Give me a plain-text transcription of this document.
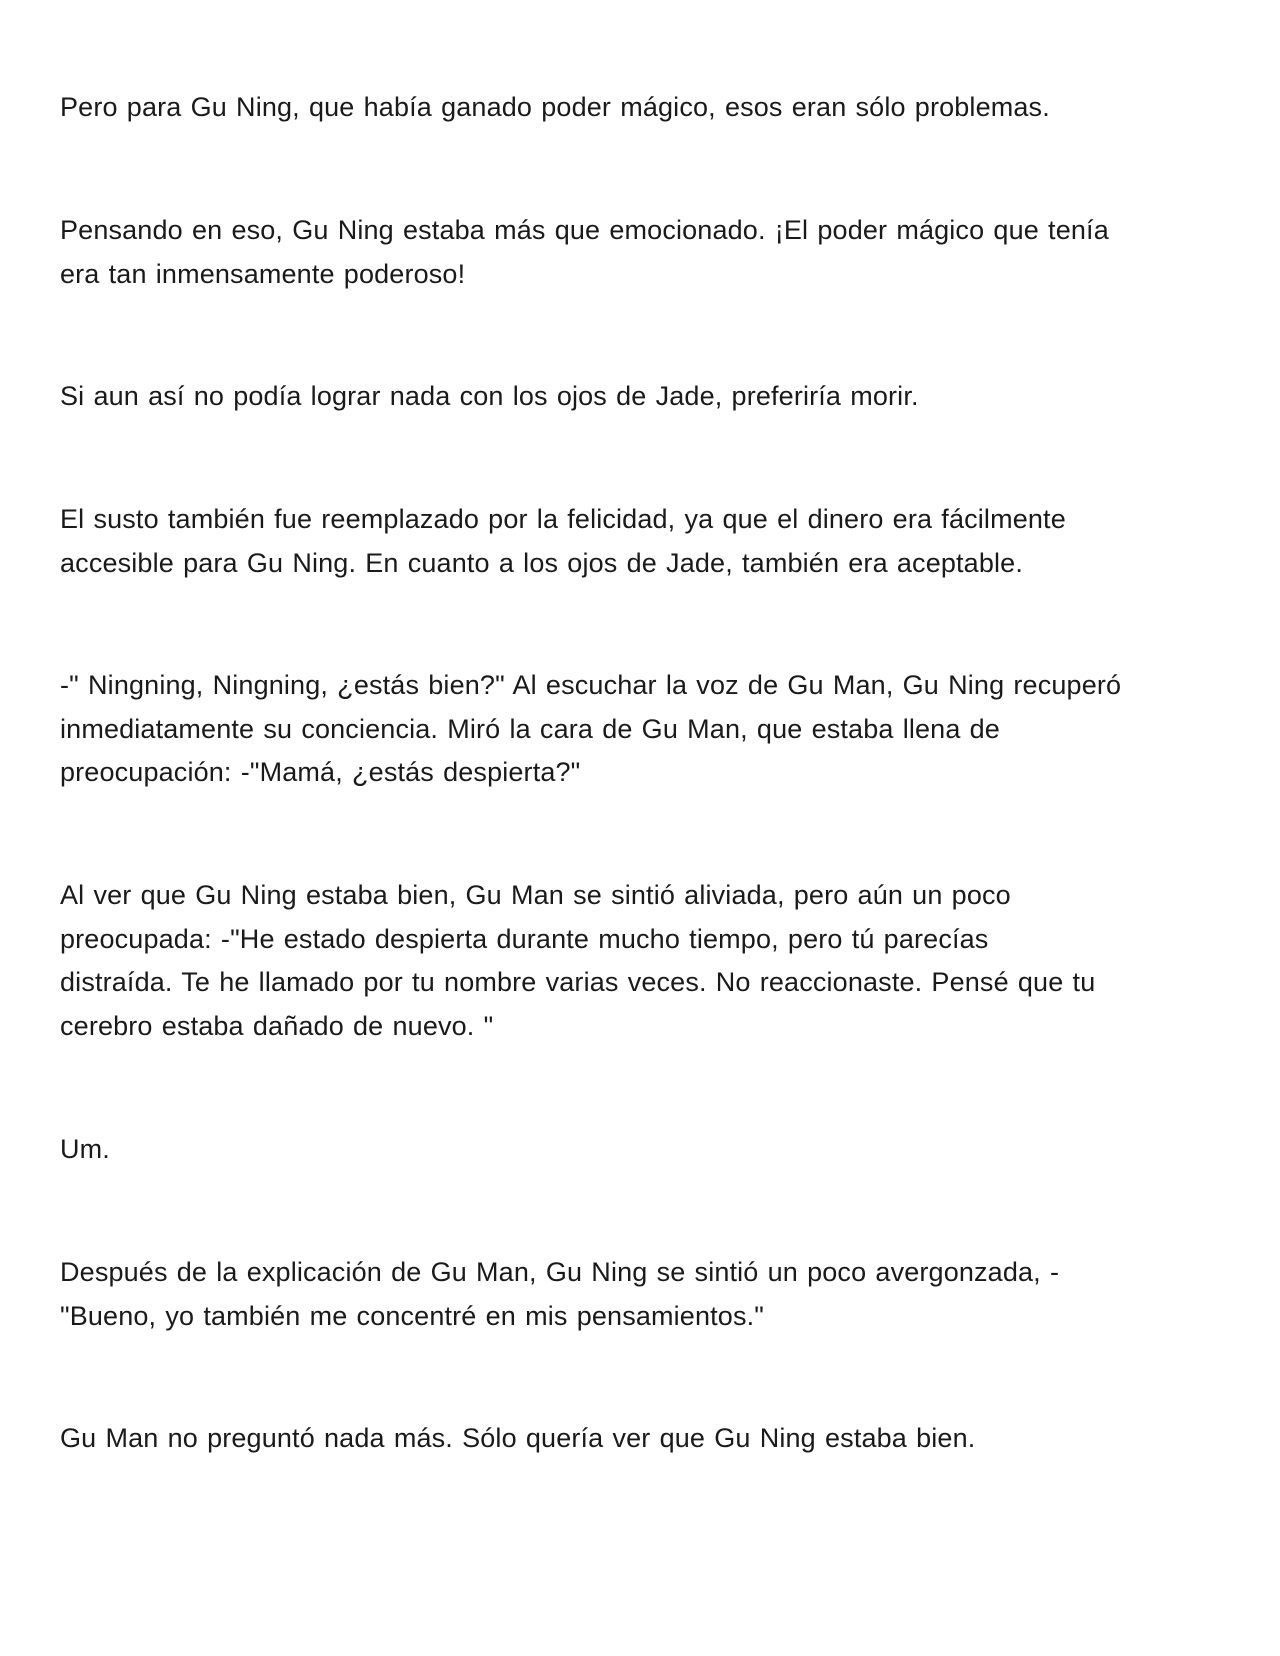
Pero para Gu Ning, que había ganado poder mágico, esos eran sólo problemas.

Pensando en eso, Gu Ning estaba más que emocionado. ¡El poder mágico que tenía
era tan inmensamente poderoso!

Si aun así no podía lograr nada con los ojos de Jade, preferiría morir.

El susto también fue reemplazado por la felicidad, ya que el dinero era fácilmente
accesible para Gu Ning. En cuanto a los ojos de Jade, también era aceptable.

-" Ningning, Ningning, ¿estás bien?" Al escuchar la voz de Gu Man, Gu Ning recuperó
inmediatamente su conciencia. Miró la cara de Gu Man, que estaba llena de
preocupación: -"Mamá, ¿estás despierta?"

Al ver que Gu Ning estaba bien, Gu Man se sintió aliviada, pero aún un poco
preocupada: -"He estado despierta durante mucho tiempo, pero tú parecías
distraída. Te he llamado por tu nombre varias veces. No reaccionaste. Pensé que tu
cerebro estaba dañado de nuevo. "

Um.

Después de la explicación de Gu Man, Gu Ning se sintió un poco avergonzada, -
"Bueno, yo también me concentré en mis pensamientos."

Gu Man no preguntó nada más. Sólo quería ver que Gu Ning estaba bien.
